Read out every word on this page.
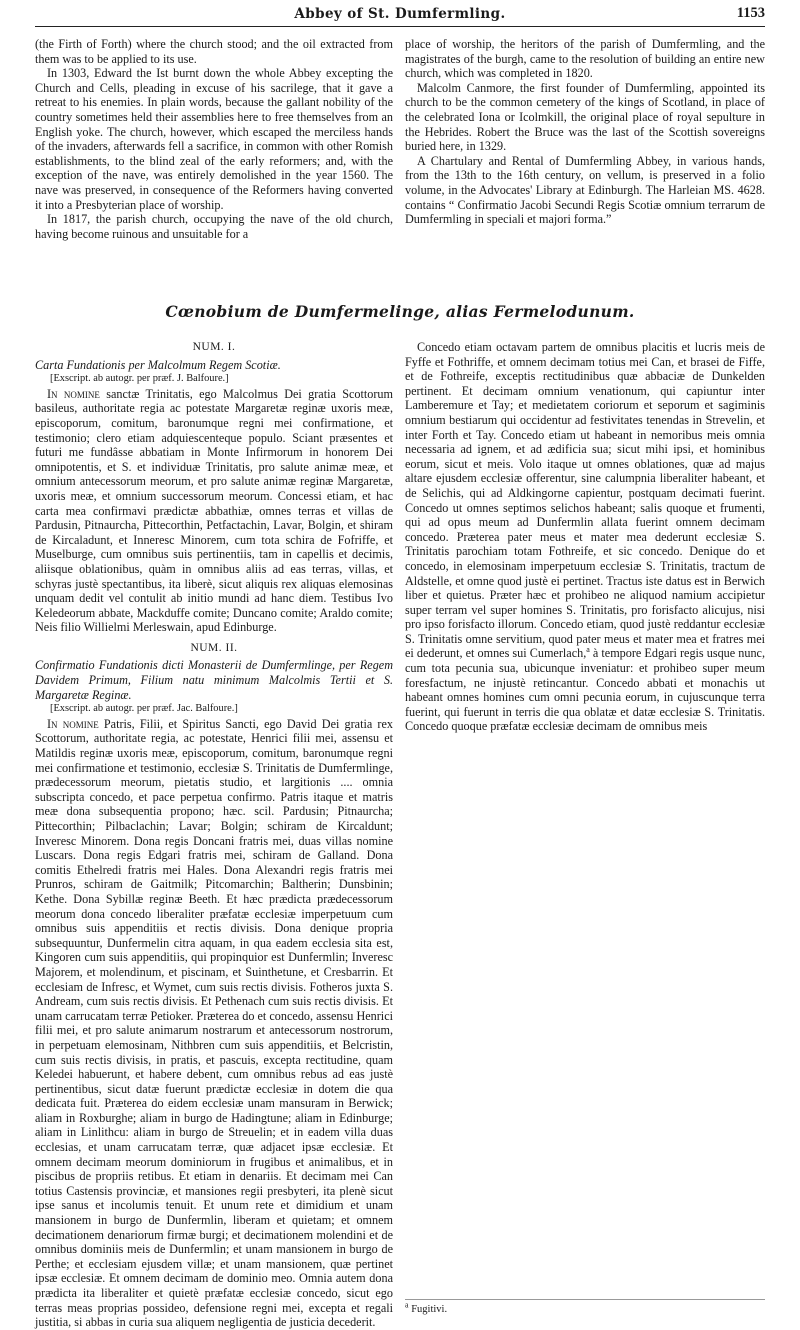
Abbey of St. Dumfermling.	1153

(the Firth of Forth) where the church stood; and the oil extracted from them was to be applied to its use.

In 1303, Edward the Ist burnt down the whole Abbey excepting the Church and Cells, pleading in excuse of his sacrilege, that it gave a retreat to his enemies. In plain words, because the gallant nobility of the country sometimes held their assemblies here to free themselves from an English yoke. The church, however, which escaped the merciless hands of the invaders, afterwards fell a sacrifice, in common with other Romish establishments, to the blind zeal of the early reformers; and, with the exception of the nave, was entirely demolished in the year 1560. The nave was preserved, in consequence of the Reformers having converted it into a Presbyterian place of worship.

In 1817, the parish church, occupying the nave of the old church, having become ruinous and unsuitable for a

place of worship, the heritors of the parish of Dumfermling, and the magistrates of the burgh, came to the resolution of building an entire new church, which was completed in 1820.

Malcolm Canmore, the first founder of Dumfermling, appointed its church to be the common cemetery of the kings of Scotland, in place of the celebrated Iona or Icolmkill, the original place of royal sepulture in the Hebrides. Robert the Bruce was the last of the Scottish sovereigns buried here, in 1329.

A Chartulary and Rental of Dumfermling Abbey, in various hands, from the 13th to the 16th century, on vellum, is preserved in a folio volume, in the Advocates' Library at Edinburgh. The Harleian MS. 4628. contains “ Confirmatio Jacobi Secundi Regis Scotiæ omnium terrarum de Dumfermling in speciali et majori forma.”

Cœnobium de Dumfermelinge, alias Fermelodunum.
NUM. I.

Carta Fundationis per Malcolmum Regem Scotiæ.

[Exscript. ab autogr. per præf. J. Balfoure.]

In nomine sanctæ Trinitatis, ego Malcolmus Dei gratia Scottorum basileus, authoritate regia ac potestate Margaretæ reginæ uxoris meæ, episcoporum, comitum, baronumque regni mei confirmatione, et testimonio; clero etiam adquiescenteque populo. Sciant præsentes et futuri me fundâsse abbatiam in Monte Infirmorum in honorem Dei omnipotentis, et S. et individuæ Trinitatis, pro salute animæ meæ, et omnium antecessorum meorum, et pro salute animæ reginæ Margaretæ, uxoris meæ, et omnium successorum meorum. Concessi etiam, et hac carta mea confirmavi prædictæ abbathiæ, omnes terras et villas de Pardusin, Pitnaurcha, Pittecorthin, Petfactachin, Lavar, Bolgin, et shiram de Kircaladunt, et Inneresc Minorem, cum tota schira de Fofriffe, et Muselburge, cum omnibus suis pertinentiis, tam in capellis et decimis, aliisque oblationibus, quàm in omnibus aliis ad eas terras, villas, et schyras justè spectantibus, ita liberè, sicut aliquis rex aliquas elemosinas unquam dedit vel contulit ab initio mundi ad hanc diem. Testibus Ivo Keledeorum abbate, Mackduffe comite; Duncano comite; Araldo comite; Neis filio Willielmi Merleswain, apud Edinburge.

NUM. II.

Confirmatio Fundationis dicti Monasterii de Dumfermlinge, per Regem Davidem Primum, Filium natu minimum Malcolmis Tertii et S. Margaretæ Reginæ.

[Exscript. ab autogr. per præf. Jac. Balfoure.]

In nomine Patris, Filii, et Spiritus Sancti, ego David Dei gratia rex Scottorum, authoritate regia, ac potestate, Henrici filii mei, assensu et Matildis reginæ uxoris meæ, episcoporum, comitum, baronumque regni mei confirmatione et testimonio, ecclesiæ S. Trinitatis de Dumfermlinge, prædecessorum meorum, pietatis studio, et largitionis .... omnia subscripta concedo, et pace perpetua confirmo. Patris itaque et matris meæ dona subsequentia propono; hæc. scil. Pardusin; Pitnaurcha; Pittecorthin; Pilbaclachin; Lavar; Bolgin; schiram de Kircaldunt; Inveresc Minorem. Dona regis Doncani fratris mei, duas villas nomine Luscars. Dona regis Edgari fratris mei, schiram de Galland. Dona comitis Ethelredi fratris mei Hales. Dona Alexandri regis fratris mei Prunros, schiram de Gaitmilk; Pitcomarchin; Baltherin; Dunsbinin; Kethe. Dona Sybillæ reginæ Beeth. Et hæc prædicta prædecessorum meorum dona concedo liberaliter præfatæ ecclesiæ imperpetuum cum omnibus suis appenditiis et rectis divisis. Dona denique propria subsequuntur, Dunfermelin citra aquam, in qua eadem ecclesia sita est, Kingoren cum suis appenditiis, qui propinquior est Dunfermlin; Inveresc Majorem, et molendinum, et piscinam, et Suinthetune, et Cresbarrin. Et ecclesiam de Infresc, et Wymet, cum suis rectis divisis. Fotheros juxta S. Andream, cum suis rectis divisis. Et Pethenach cum suis rectis divisis. Et unam carrucatam terræ Petioker. Præterea do et concedo, assensu Henrici filii mei, et pro salute animarum nostrarum et antecessorum nostrorum, in perpetuam elemosinam, Nithbren cum suis appenditiis, et Belcristin, cum suis rectis divisis, in pratis, et pascuis, excepta rectitudine, quam Keledei habuerunt, et habere debent, cum omnibus rebus ad eas justè pertinentibus, sicut datæ fuerunt prædictæ ecclesiæ in dotem die qua dedicata fuit. Præterea do eidem ecclesiæ unam mansuram in Berwick; aliam in Roxburghe; aliam in burgo de Hadingtune; aliam in Edinburge; aliam in Linlithcu: aliam in burgo de Streuelin; et in eadem villa duas ecclesias, et unam carrucatam terræ, quæ adjacet ipsæ ecclesiæ. Et omnem decimam meorum dominiorum in frugibus et animalibus, et in piscibus de propriis retibus. Et etiam in denariis. Et decimam mei Can totius Castensis provinciæ, et mansiones regii presbyteri, ita plenè sicut ipse sanus et incolumis tenuit. Et unum rete et dimidium et unam mansionem in burgo de Dunfermlin, liberam et quietam; et omnem decimationem denariorum firmæ burgi; et decimationem molendini et de omnibus dominiis meis de Dunfermlin; et unam mansionem in burgo de Perthe; et ecclesiam ejusdem villæ; et unam mansionem, quæ pertinet ipsæ ecclesiæ. Et omnem decimam de dominio meo. Omnia autem dona prædicta ita liberaliter et quietè præfatæ ecclesiæ concedo, sicut ego terras meas proprias possideo, defensione regni mei, excepta et regali justitia, si abbas in curia sua aliquem negligentia de justicia decederit.

Concedo etiam octavam partem de omnibus placitis et lucris meis de Fyffe et Fothriffe, et omnem decimam totius mei Can, et brasei de Fiffe, et de Fothreife, exceptis rectitudinibus quæ abbaciæ de Dunkelden pertinent. Et decimam omnium venationum, qui capiuntur inter Lamberemure et Tay; et medietatem coriorum et seporum et sagiminis omnium bestiarum qui occidentur ad festivitates tenendas in Strevelin, et inter Forth et Tay. Concedo etiam ut habeant in nemoribus meis omnia necessaria ad ignem, et ad ædificia sua; sicut mihi ipsi, et hominibus eorum, sicut et meis. Volo itaque ut omnes oblationes, quæ ad majus altare ejusdem ecclesiæ offerentur, sine calumpnia liberaliter habeant, et de Selichis, qui ad Aldkingorne capientur, postquam decimati fuerint. Concedo ut omnes septimos selichos habeant; salis quoque et frumenti, qui ad opus meum ad Dunfermlin allata fuerint omnem decimam concedo. Præterea pater meus et mater mea dederunt ecclesiæ S. Trinitatis parochiam totam Fothreife, et sic concedo. Denique do et concedo, in elemosinam imperpetuum ecclesiæ S. Trinitatis, tractum de Aldstelle, et omne quod justè ei pertinet. Tractus iste datus est in Berwich liber et quietus. Præter hæc et prohibeo ne aliquod namium accipietur super terram vel super homines S. Trinitatis, pro forisfacto alicujus, nisi pro ipso forisfacto illorum. Concedo etiam, quod justè reddantur ecclesiæ S. Trinitatis omne servitium, quod pater meus et mater mea et fratres mei ei dederunt, et omnes sui Cumerlach,$^a$ à tempore Edgari regis usque nunc, cum tota pecunia sua, ubicunque inveniatur: et prohibeo super meum foresfactum, ne injustè retincantur. Concedo abbati et monachis ut habeant omnes homines cum omni pecunia eorum, in cujuscunque terra fuerint, qui fuerunt in terris die qua oblatæ et datæ ecclesiæ S. Trinitatis. Concedo quoque præfatæ ecclesiæ decimam de omnibus meis

$^a$ Fugitivi.
